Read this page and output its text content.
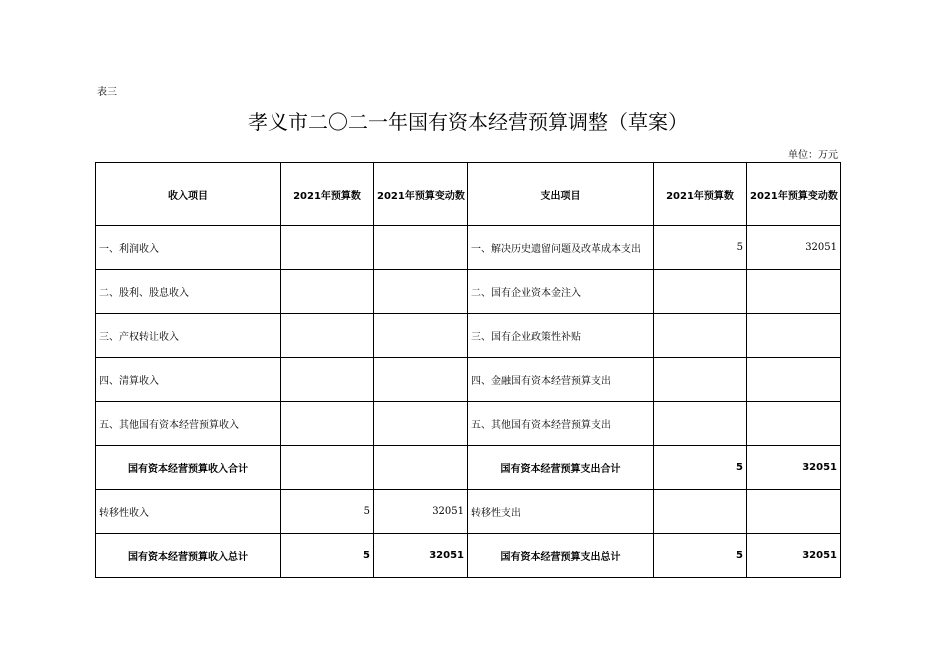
表三
孝义市二〇二一年国有资本经营预算调整（草案）
单位：万元
收入项目	2021年预算数	2021年预算变动数	支出项目	2021年预算数	2021年预算变动数
一、利润收入			一、解决历史遗留问题及改革成本支出	5	32051
二、股利、股息收入			二、国有企业资本金注入		
三、产权转让收入			三、国有企业政策性补贴		
四、清算收入			四、金融国有资本经营预算支出		
五、其他国有资本经营预算收入			五、其他国有资本经营预算支出		
国有资本经营预算收入合计			国有资本经营预算支出合计	5	32051
转移性收入	5	32051	转移性支出		
国有资本经营预算收入总计	5	32051	国有资本经营预算支出总计	5	32051
